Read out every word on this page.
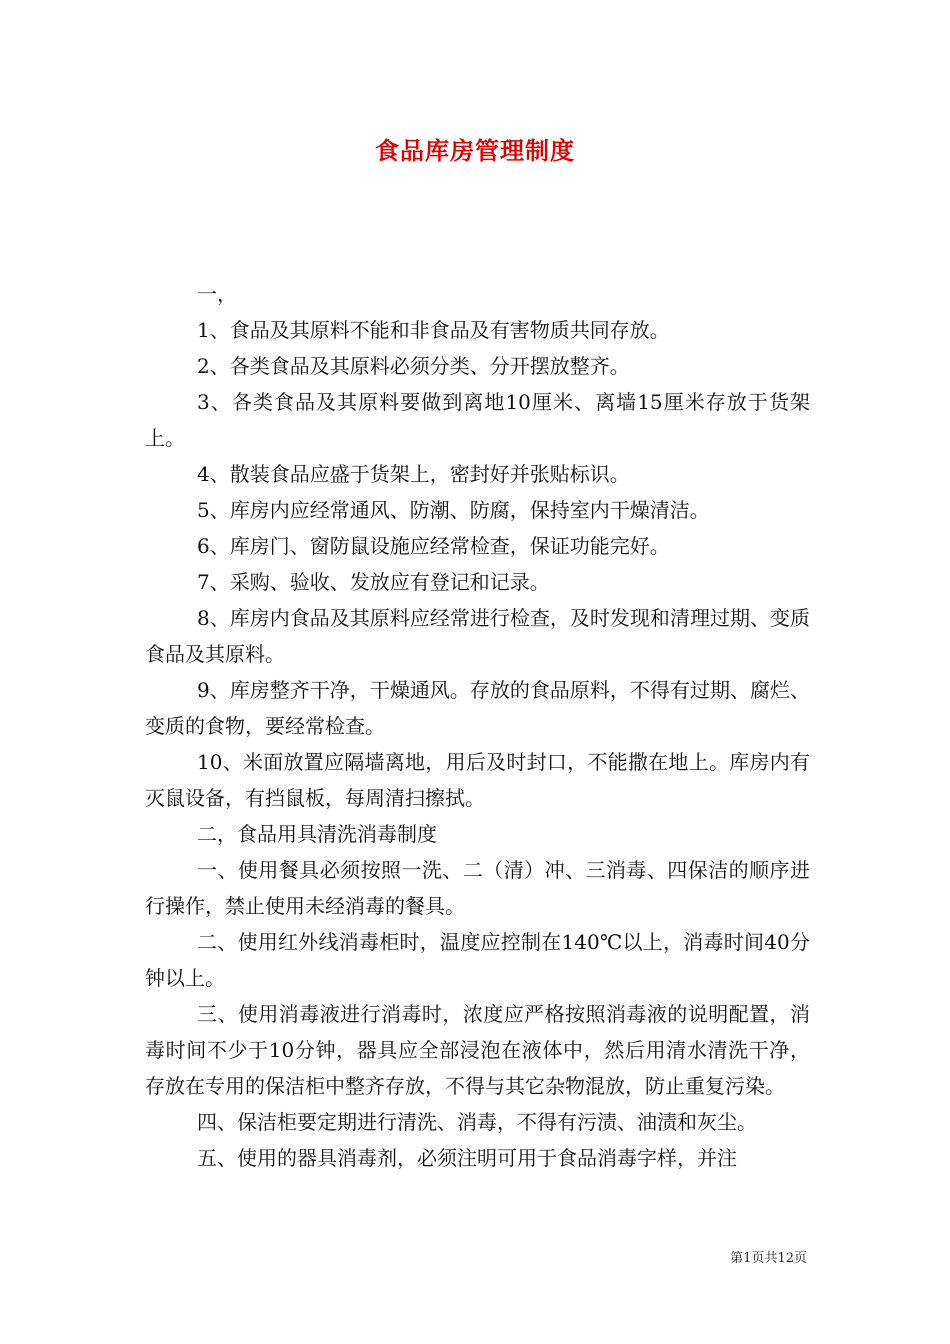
食品库房管理制度

一，

1、食品及其原料不能和非食品及有害物质共同存放。

2、各类食品及其原料必须分类、分开摆放整齐。

3、各类食品及其原料要做到离地10厘米、离墙15厘米存放于货架上。

4、散装食品应盛于货架上，密封好并张贴标识。

5、库房内应经常通风、防潮、防腐，保持室内干燥清洁。

6、库房门、窗防鼠设施应经常检查，保证功能完好。

7、采购、验收、发放应有登记和记录。

8、库房内食品及其原料应经常进行检查，及时发现和清理过期、变质食品及其原料。

9、库房整齐干净，干燥通风。存放的食品原料，不得有过期、腐烂、变质的食物，要经常检查。

10、米面放置应隔墙离地，用后及时封口，不能撒在地上。库房内有灭鼠设备，有挡鼠板，每周清扫擦拭。

二，食品用具清洗消毒制度

一、使用餐具必须按照一洗、二（清）冲、三消毒、四保洁的顺序进行操作，禁止使用未经消毒的餐具。

二、使用红外线消毒柜时，温度应控制在140℃以上，消毒时间40分钟以上。

三、使用消毒液进行消毒时，浓度应严格按照消毒液的说明配置，消毒时间不少于10分钟，器具应全部浸泡在液体中，然后用清水清洗干净，存放在专用的保洁柜中整齐存放，不得与其它杂物混放，防止重复污染。

四、保洁柜要定期进行清洗、消毒，不得有污渍、油渍和灰尘。

五、使用的器具消毒剂，必须注明可用于食品消毒字样，并注

第1页共12页
